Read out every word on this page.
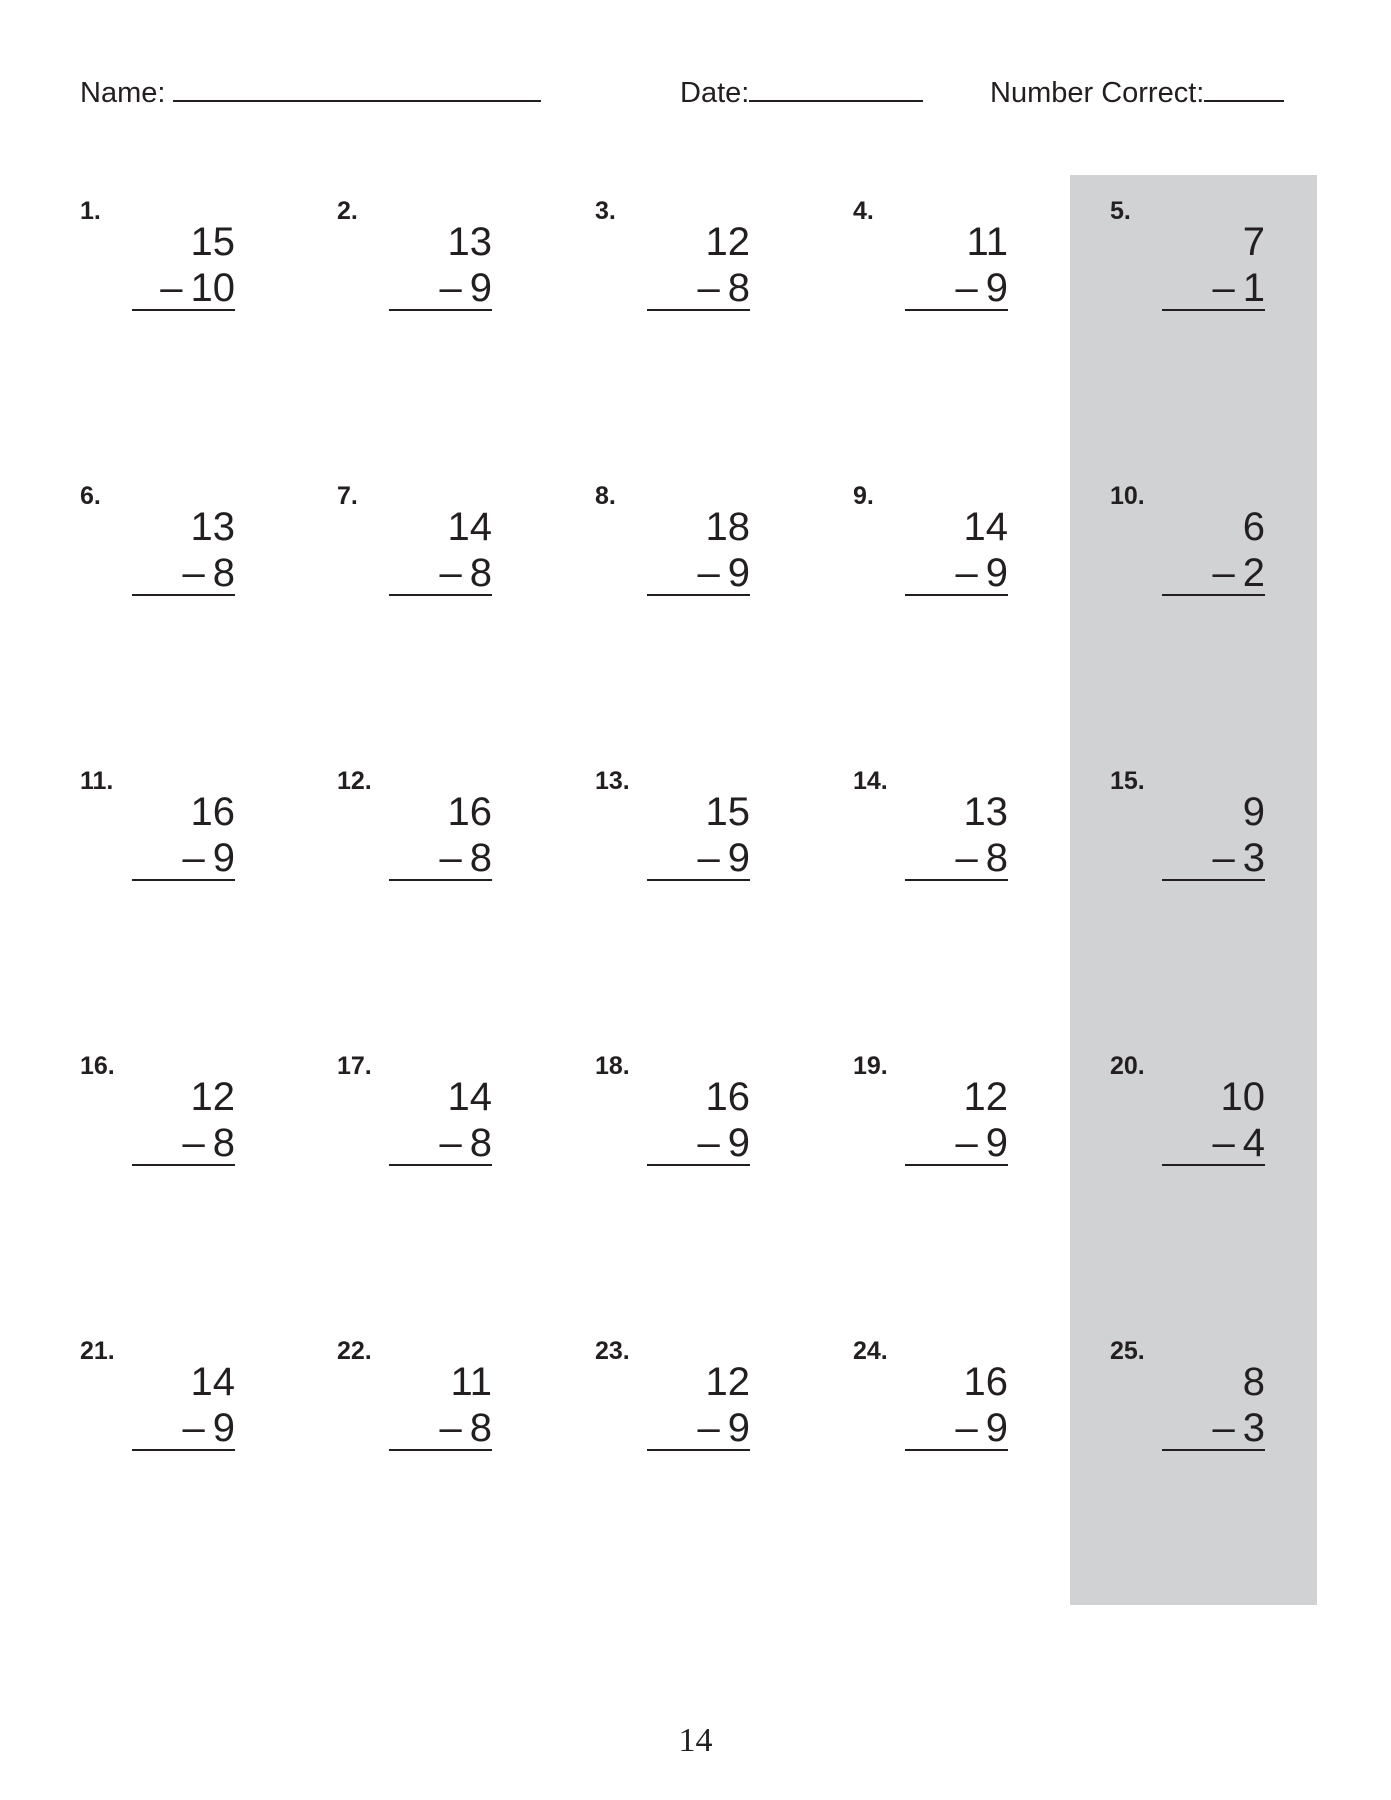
Name:	Date:	Number Correct:
1.
15
– 10
2.
13
– 9
3.
12
– 8
4.
11
– 9
5.
7
– 1
6.
13
– 8
7.
14
– 8
8.
18
– 9
9.
14
– 9
10.
6
– 2
11.
16
– 9
12.
16
– 8
13.
15
– 9
14.
13
– 8
15.
9
– 3
16.
12
– 8
17.
14
– 8
18.
16
– 9
19.
12
– 9
20.
10
– 4
21.
14
– 9
22.
11
– 8
23.
12
– 9
24.
16
– 9
25.
8
– 3
14
